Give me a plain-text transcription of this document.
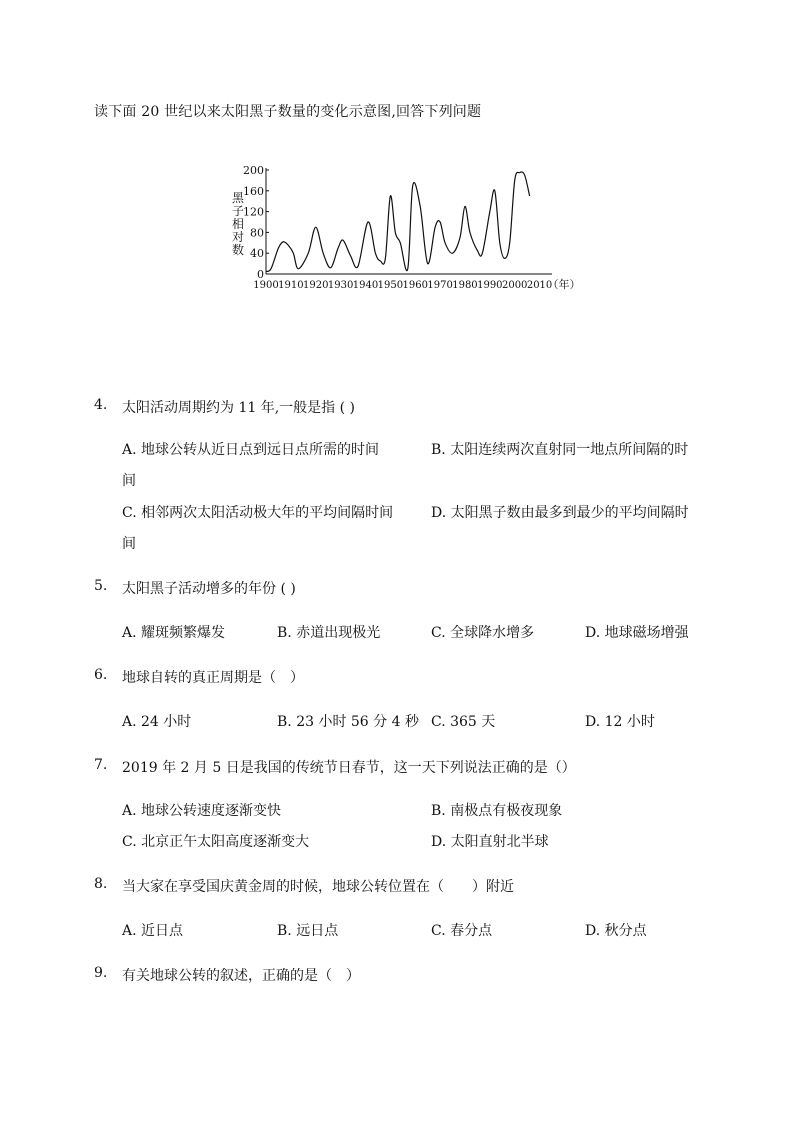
读下面 20 世纪以来太阳黑子数量的变化示意图,回答下列问题
200
160
120
80
40
0
1900 1910 1920 1930 1940 1950 1960 1970 1980 1990 2000 2010
（年）
黑
子
相
对
数
4.	太阳活动周期约为 11 年,一般是指 ( )
A. 地球公转从近日点到远日点所需的时间	B. 太阳连续两次直射同一地点所间隔的时
间
C. 相邻两次太阳活动极大年的平均间隔时间	D. 太阳黑子数由最多到最少的平均间隔时
间
5.	太阳黑子活动增多的年份 ( )
A. 耀斑频繁爆发	B. 赤道出现极光	C. 全球降水增多	D. 地球磁场增强
6.	地球自转的真正周期是（　）
A. 24 小时	B. 23 小时 56 分 4 秒 C. 365 天	D. 12 小时
7.	2019 年 2 月 5 日是我国的传统节日春节，这一天下列说法正确的是（）
A. 地球公转速度逐渐变快	B. 南极点有极夜现象
C. 北京正午太阳高度逐渐变大	D. 太阳直射北半球
8.	当大家在享受国庆黄金周的时候，地球公转位置在（　　）附近
A. 近日点	B. 远日点	C. 春分点	D. 秋分点
9.	有关地球公转的叙述，正确的是（　）
